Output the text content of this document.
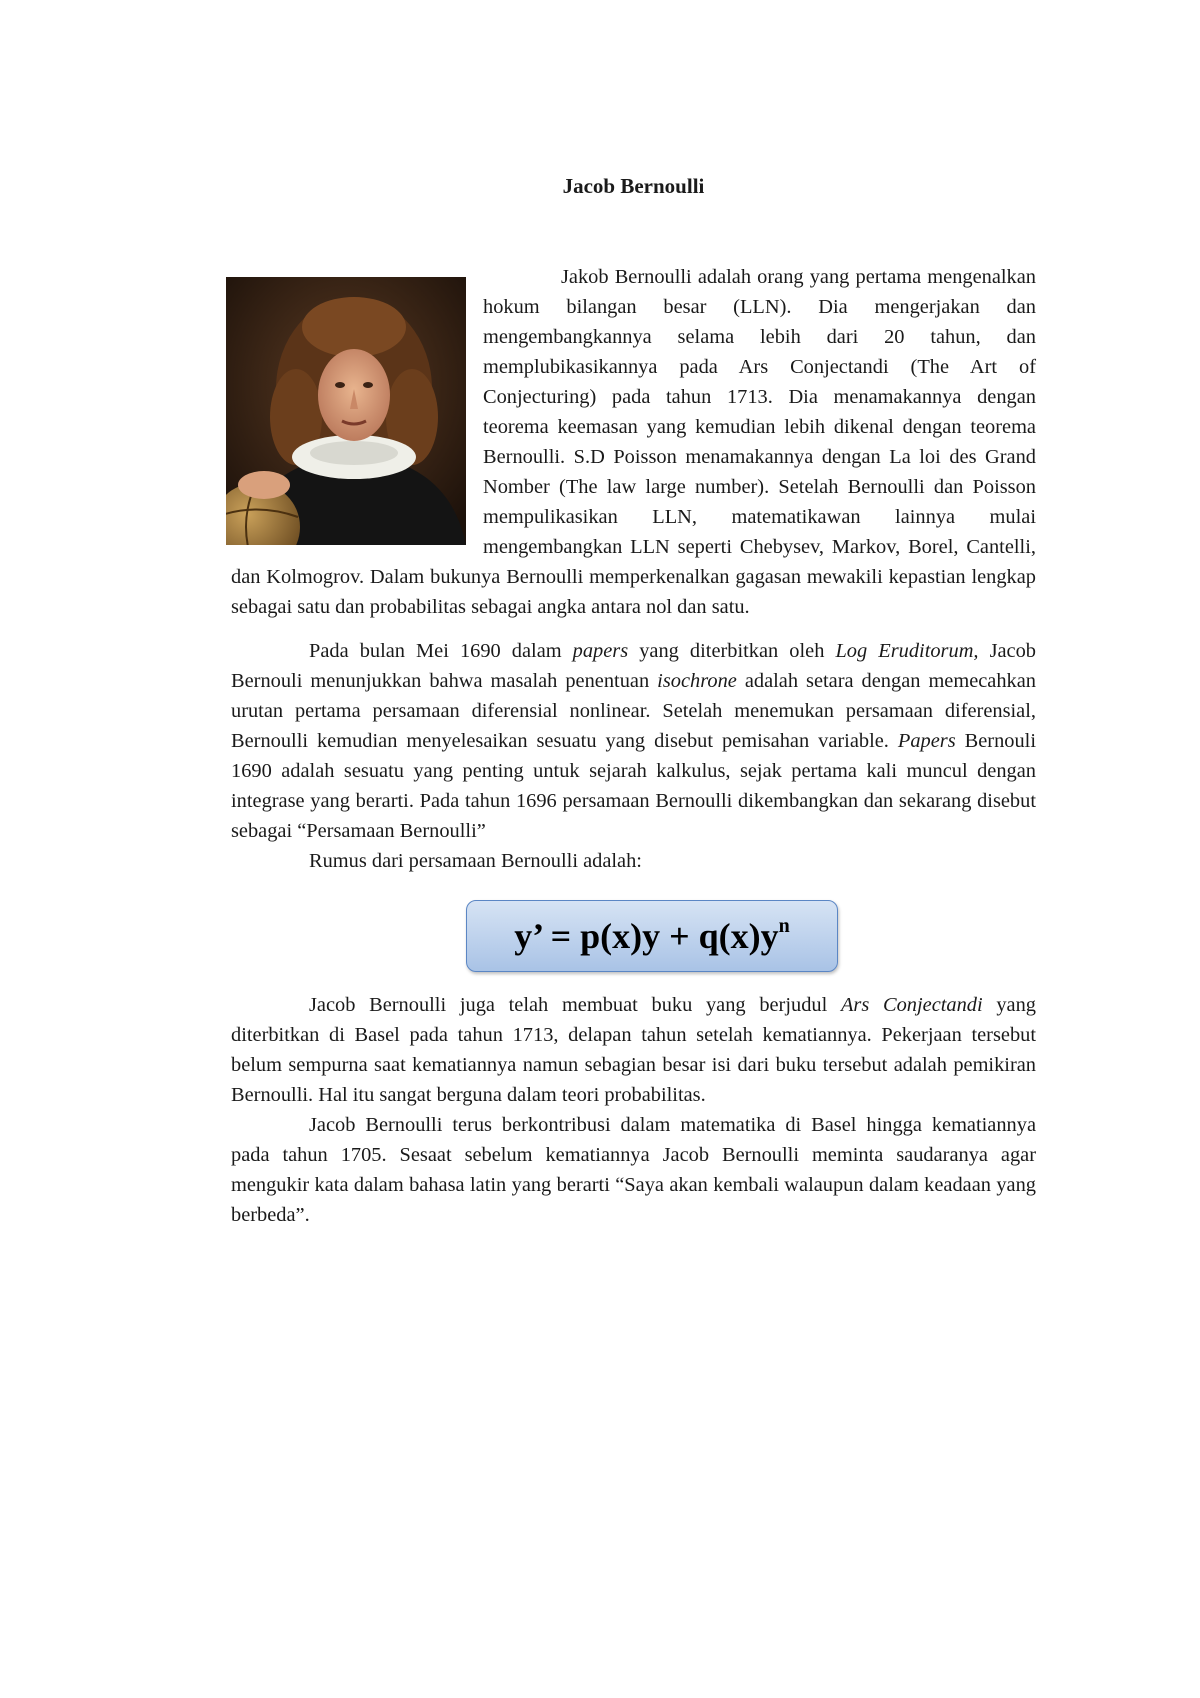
Jacob Bernoulli

Jakob Bernoulli adalah orang yang pertama mengenalkan hokum bilangan besar (LLN). Dia mengerjakan dan mengembangkannya selama lebih dari 20 tahun, dan memplubikasikannya pada Ars Conjectandi (The Art of Conjecturing) pada tahun 1713. Dia menamakannya dengan teorema keemasan yang kemudian lebih dikenal dengan teorema Bernoulli. S.D Poisson menamakannya dengan La loi des Grand Nomber (The law large number). Setelah Bernoulli dan Poisson mempulikasikan LLN, matematikawan lainnya mulai mengembangkan LLN seperti Chebysev, Markov, Borel, Cantelli, dan Kolmogrov. Dalam bukunya Bernoulli memperkenalkan gagasan mewakili kepastian lengkap sebagai satu dan probabilitas sebagai angka antara nol dan satu.

Pada bulan Mei 1690 dalam papers yang diterbitkan oleh Log Eruditorum, Jacob Bernouli menunjukkan bahwa masalah penentuan isochrone adalah setara dengan memecahkan urutan pertama persamaan diferensial nonlinear. Setelah menemukan persamaan diferensial, Bernoulli kemudian menyelesaikan sesuatu yang disebut pemisahan variable. Papers Bernouli 1690 adalah sesuatu yang penting untuk sejarah kalkulus, sejak pertama kali muncul dengan integrase yang berarti. Pada tahun 1696 persamaan Bernoulli dikembangkan dan sekarang disebut sebagai “Persamaan Bernoulli”

Rumus dari persamaan Bernoulli adalah:

y’ = $p(x)y + q(x)y^n$

Jacob Bernoulli juga telah membuat buku yang berjudul Ars Conjectandi yang diterbitkan di Basel pada tahun 1713, delapan tahun setelah kematiannya. Pekerjaan tersebut belum sempurna saat kematiannya namun sebagian besar isi dari buku tersebut adalah pemikiran Bernoulli. Hal itu sangat berguna dalam teori probabilitas.

Jacob Bernoulli terus berkontribusi dalam matematika di Basel hingga kematiannya pada tahun 1705. Sesaat sebelum kematiannya Jacob Bernoulli meminta saudaranya agar mengukir kata dalam bahasa latin yang berarti “Saya akan kembali walaupun dalam keadaan yang berbeda”.
